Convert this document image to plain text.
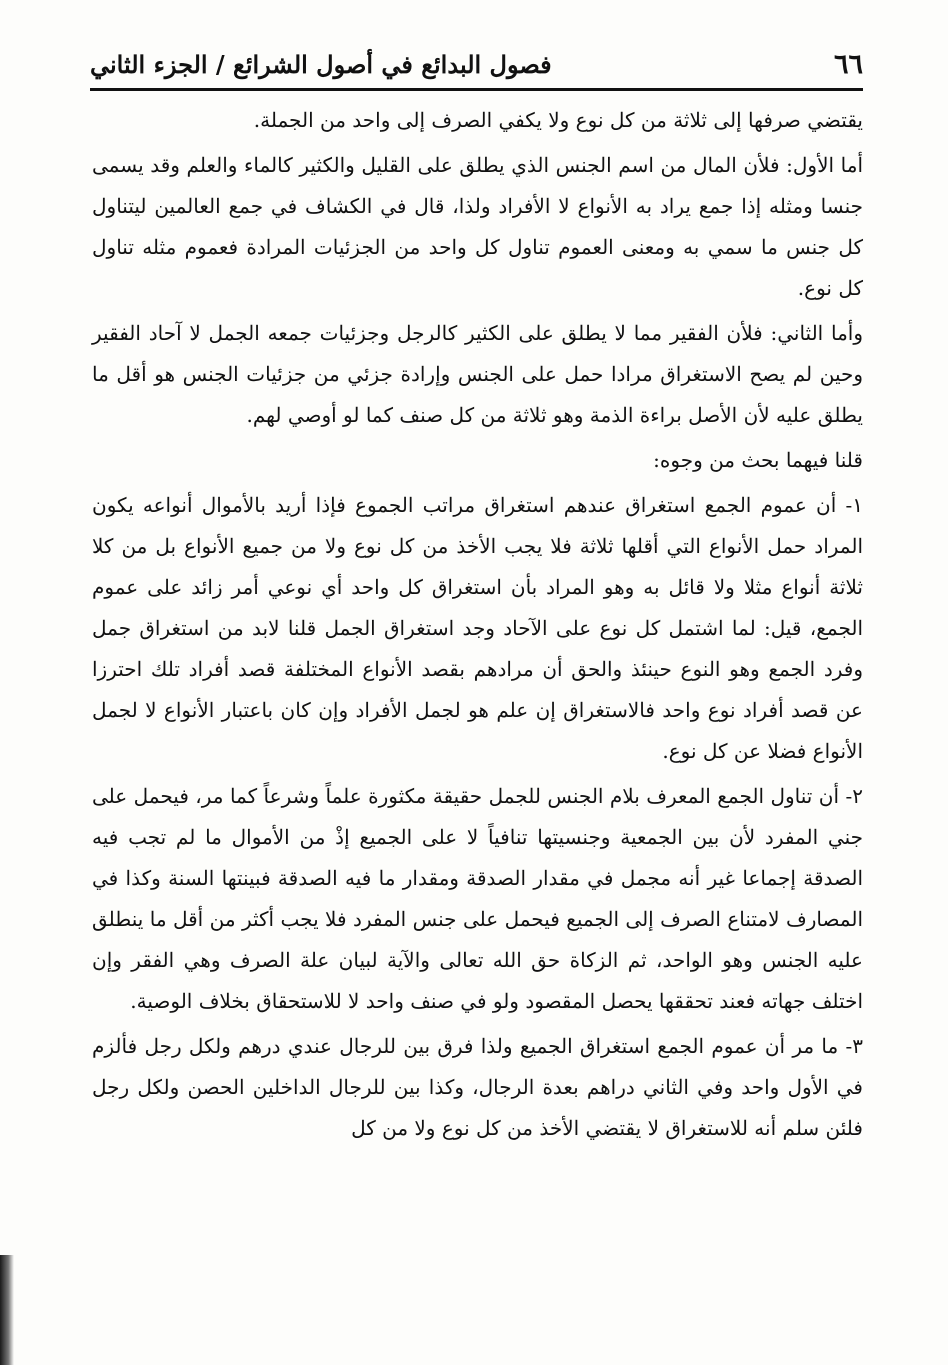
٦٦
فصول البدائع في أصول الشرائع / الجزء الثاني

يقتضي صرفها إلى ثلاثة من كل نوع ولا يكفي الصرف إلى واحد من الجملة.

أما الأول: فلأن المال من اسم الجنس الذي يطلق على القليل والكثير كالماء والعلم وقد يسمى جنسا ومثله إذا جمع يراد به الأنواع لا الأفراد ولذا، قال في الكشاف في جمع العالمين ليتناول كل جنس ما سمي به ومعنى العموم تناول كل واحد من الجزئيات المرادة فعموم مثله تناول كل نوع.

وأما الثاني: فلأن الفقير مما لا يطلق على الكثير كالرجل وجزئيات جمعه الجمل لا آحاد الفقير وحين لم يصح الاستغراق مرادا حمل على الجنس وإرادة جزئي من جزئيات الجنس هو أقل ما يطلق عليه لأن الأصل براءة الذمة وهو ثلاثة من كل صنف كما لو أوصي لهم.

قلنا فيهما بحث من وجوه:

١- أن عموم الجمع استغراق عندهم استغراق مراتب الجموع فإذا أريد بالأموال أنواعه يكون المراد حمل الأنواع التي أقلها ثلاثة فلا يجب الأخذ من كل نوع ولا من جميع الأنواع بل من كلا ثلاثة أنواع مثلا ولا قائل به وهو المراد بأن استغراق كل واحد أي نوعي أمر زائد على عموم الجمع، قيل: لما اشتمل كل نوع على الآحاد وجد استغراق الجمل قلنا لابد من استغراق جمل وفرد الجمع وهو النوع حينئذ والحق أن مرادهم بقصد الأنواع المختلفة قصد أفراد تلك احترزا عن قصد أفراد نوع واحد فالاستغراق إن علم هو لجمل الأفراد وإن كان باعتبار الأنواع لا لجمل الأنواع فضلا عن كل نوع.

٢- أن تناول الجمع المعرف بلام الجنس للجمل حقيقة مكثورة علماً وشرعاً كما مر، فيحمل على جني المفرد لأن بين الجمعية وجنسيتها تنافياً لا على الجميع إذْ من الأموال ما لم تجب فيه الصدقة إجماعا غير أنه مجمل في مقدار الصدقة ومقدار ما فيه الصدقة فبينتها السنة وكذا في المصارف لامتناع الصرف إلى الجميع فيحمل على جنس المفرد فلا يجب أكثر من أقل ما ينطلق عليه الجنس وهو الواحد، ثم الزكاة حق الله تعالى والآية لبيان علة الصرف وهي الفقر وإن اختلف جهاته فعند تحققها يحصل المقصود ولو في صنف واحد لا للاستحقاق بخلاف الوصية.

٣- ما مر أن عموم الجمع استغراق الجميع ولذا فرق بين للرجال عندي درهم ولكل رجل فألزم في الأول واحد وفي الثاني دراهم بعدة الرجال، وكذا بين للرجال الداخلين الحصن ولكل رجل فلئن سلم أنه للاستغراق لا يقتضي الأخذ من كل نوع ولا من كل
